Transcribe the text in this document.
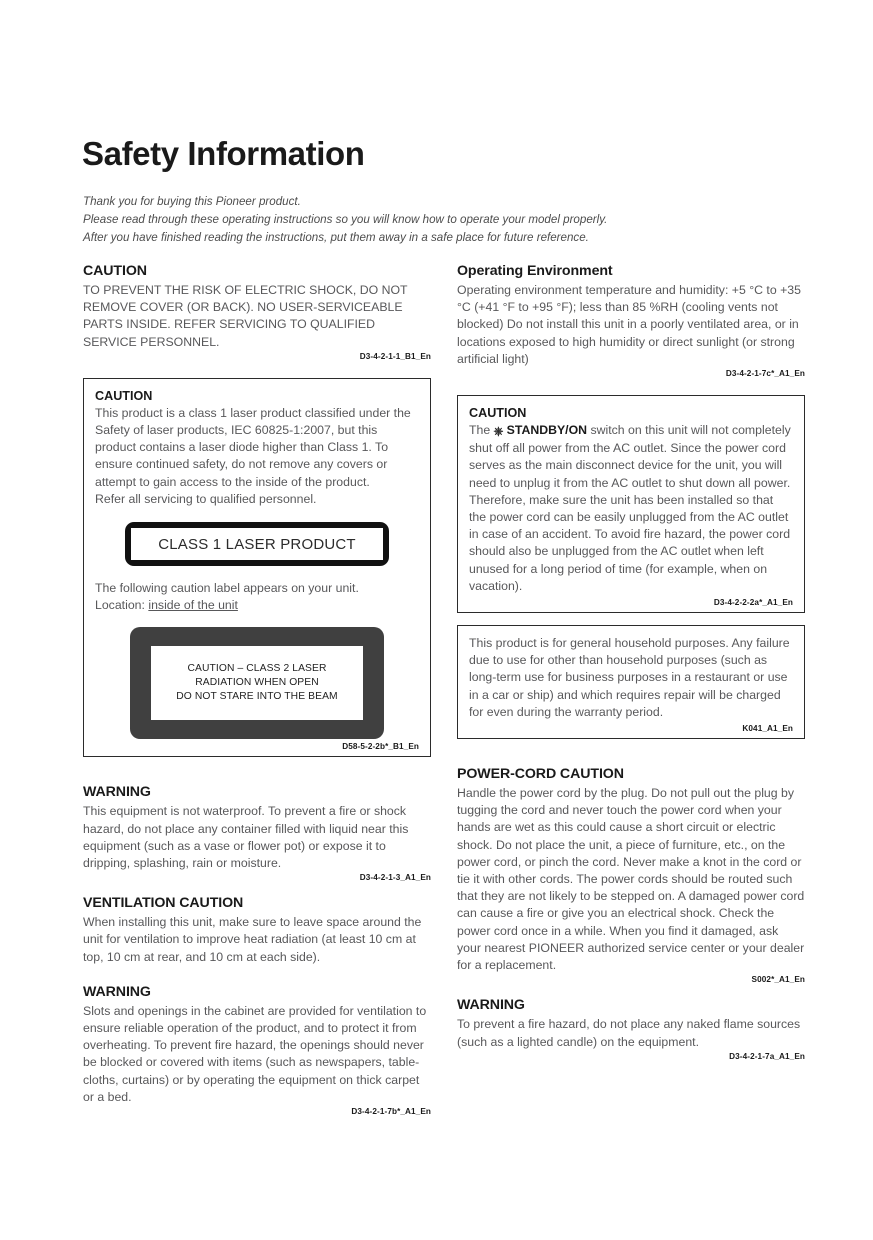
Safety Information
Thank you for buying this Pioneer product.
Please read through these operating instructions so you will know how to operate your model properly.
After you have finished reading the instructions, put them away in a safe place for future reference.
CAUTION

TO PREVENT THE RISK OF ELECTRIC SHOCK, DO NOT REMOVE COVER (OR BACK). NO USER-SERVICEABLE PARTS INSIDE. REFER SERVICING TO QUALIFIED SERVICE PERSONNEL.

D3-4-2-1-1_B1_En
CAUTION

This product is a class 1 laser product classified under the Safety of laser products, IEC 60825-1:2007, but this product contains a laser diode higher than Class 1. To ensure continued safety, do not remove any covers or attempt to gain access to the inside of the product.

Refer all servicing to qualified personnel.

CLASS 1 LASER PRODUCT
The following caution label appears on your unit.
Location: inside of the unit
CAUTION – CLASS 2 LASER
RADIATION WHEN OPEN
DO NOT STARE INTO THE BEAM
D58-5-2-2b*_B1_En
WARNING

This equipment is not waterproof. To prevent a fire or shock hazard, do not place any container filled with liquid near this equipment (such as a vase or flower pot) or expose it to dripping, splashing, rain or moisture.

D3-4-2-1-3_A1_En
VENTILATION CAUTION

When installing this unit, make sure to leave space around the unit for ventilation to improve heat radiation (at least 10 cm at top, 10 cm at rear, and 10 cm at each side).

WARNING

Slots and openings in the cabinet are provided for ventilation to ensure reliable operation of the product, and to protect it from overheating. To prevent fire hazard, the openings should never be blocked or covered with items (such as newspapers, table-cloths, curtains) or by operating the equipment on thick carpet or a bed.

D3-4-2-1-7b*_A1_En
Operating Environment

Operating environment temperature and humidity: +5 °C to +35 °C (+41 °F to +95 °F); less than 85 %RH (cooling vents not blocked) Do not install this unit in a poorly ventilated area, or in locations exposed to high humidity or direct sunlight (or strong artificial light)

D3-4-2-1-7c*_A1_En
CAUTION

The ⎈ STANDBY/ON switch on this unit will not completely shut off all power from the AC outlet. Since the power cord serves as the main disconnect device for the unit, you will need to unplug it from the AC outlet to shut down all power. Therefore, make sure the unit has been installed so that the power cord can be easily unplugged from the AC outlet in case of an accident. To avoid fire hazard, the power cord should also be unplugged from the AC outlet when left unused for a long period of time (for example, when on vacation).

D3-4-2-2-2a*_A1_En

This product is for general household purposes. Any failure due to use for other than household purposes (such as long-term use for business purposes in a restaurant or use in a car or ship) and which requires repair will be charged for even during the warranty period.

K041_A1_En
POWER-CORD CAUTION

Handle the power cord by the plug. Do not pull out the plug by tugging the cord and never touch the power cord when your hands are wet as this could cause a short circuit or electric shock. Do not place the unit, a piece of furniture, etc., on the power cord, or pinch the cord. Never make a knot in the cord or tie it with other cords. The power cords should be routed such that they are not likely to be stepped on. A damaged power cord can cause a fire or give you an electrical shock. Check the power cord once in a while. When you find it damaged, ask your nearest PIONEER authorized service center or your dealer for a replacement.

S002*_A1_En
WARNING

To prevent a fire hazard, do not place any naked flame sources (such as a lighted candle) on the equipment.

D3-4-2-1-7a_A1_En
